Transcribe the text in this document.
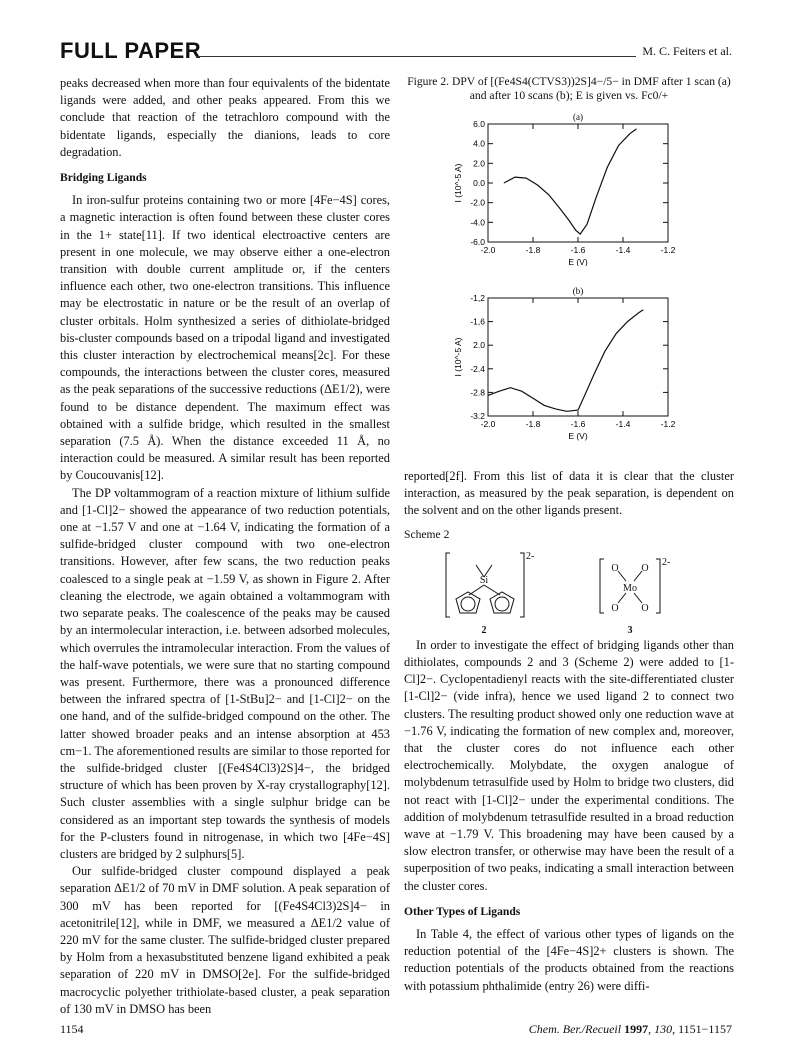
FULL PAPER	M. C. Feiters et al.

peaks decreased when more than four equivalents of the bidentate ligands were added, and other peaks appeared. From this we conclude that reaction of the tetrachloro compound with the bidentate ligands, especially the dianions, leads to core degradation.

Bridging Ligands

In iron-sulfur proteins containing two or more [4Fe−4S] cores, a magnetic interaction is often found between these cluster cores in the 1+ state[11]. If two identical electroactive centers are present in one molecule, we may observe either a one-electron transition with double current amplitude or, if the centers influence each other, two one-electron transitions. This influence may be electrostatic in nature or be the result of an overlap of cluster orbitals. Holm synthesized a series of dithiolate-bridged bis-cluster compounds based on a tripodal ligand and investigated this cluster interaction by electrochemical means[2c]. For these compounds, the interactions between the cluster cores, measured as the peak separations of the successive reductions (ΔE1/2), were found to be distance dependent. The maximum effect was obtained with a sulfide bridge, which resulted in the smallest separation (7.5 Å). When the distance exceeded 11 Å, no interaction could be measured. A similar result has been reported by Coucouvanis[12].

The DP voltammogram of a reaction mixture of lithium sulfide and [1-Cl]2− showed the appearance of two reduction potentials, one at −1.57 V and one at −1.64 V, indicating the formation of a sulfide-bridged cluster compound with two one-electron transitions. However, after few scans, the two reduction peaks coalesced to a single peak at −1.59 V, as shown in Figure 2. After cleaning the electrode, we again obtained a voltammogram with two separate peaks. The coalescence of the peaks may be caused by an intermolecular interaction, i.e. between adsorbed molecules, which overrules the intramolecular interaction. From the values of the half-wave potentials, we were sure that no starting compound was present. Furthermore, there was a pronounced difference between the infrared spectra of [1-StBu]2− and [1-Cl]2− on the one hand, and of the sulfide-bridged compound on the other. The latter showed broader peaks and an intense absorption at 453 cm−1. The aforementioned results are similar to those reported for the sulfide-bridged cluster [(Fe4S4Cl3)2S]4−, the bridged structure of which has been proven by X-ray crystallography[12]. Such cluster assemblies with a single sulphur bridge can be considered as an important step towards the synthesis of models for the P-clusters found in nitrogenase, in which two [4Fe−4S] clusters are bridged by 2 sulphurs[5].

Our sulfide-bridged cluster compound displayed a peak separation ΔE1/2 of 70 mV in DMF solution. A peak separation of 300 mV has been reported for [(Fe4S4Cl3)2S]4− in acetonitrile[12], while in DMF, we measured a ΔE1/2 value of 220 mV for the same cluster. The sulfide-bridged cluster prepared by Holm from a hexasubstituted benzene ligand exhibited a peak separation of 220 mV in DMSO[2e]. For the sulfide-bridged macrocyclic polyether trithiolate-based cluster, a peak separation of 130 mV in DMSO has been

Figure 2. DPV of [(Fe4S4(CTVS3))2S]4−/5− in DMF after 1 scan (a) and after 10 scans (b); E is given vs. Fc0/+
(a)
-2.0	-1.8	-1.6	-1.4	-1.2
6.0
4.0
2.0
0.0
-2.0
-4.0
-6.0
E (V)
I (10^-5 A)
(b)
-2.0	-1.8	-1.6	-1.4	-1.2
-1,2
-1,6
2.0
-2.4
-2.8
-3.2
E (V)
I (10^-5 A)

reported[2f]. From this list of data it is clear that the cluster interaction, as measured by the peak separation, is dependent on the solvent and on the other ligands present.

Scheme 2
Si
2-
Mo
O O
O O
2-
2	3

In order to investigate the effect of bridging ligands other than dithiolates, compounds 2 and 3 (Scheme 2) were added to [1-Cl]2−. Cyclopentadienyl reacts with the site-differentiated cluster [1-Cl]2− (vide infra), hence we used ligand 2 to connect two clusters. The resulting product showed only one reduction wave at −1.76 V, indicating the formation of new complex and, moreover, that the cluster cores do not influence each other electrochemically. Molybdate, the oxygen analogue of molybdenum tetrasulfide used by Holm to bridge two clusters, did not react with [1-Cl]2− under the experimental conditions. The addition of molybdenum tetrasulfide resulted in a broad reduction wave at −1.79 V. This broadening may have been caused by a slow electron transfer, or otherwise may have been the result of a superposition of two peaks, indicating a small interaction between the cluster cores.

Other Types of Ligands

In Table 4, the effect of various other types of ligands on the reduction potential of the [4Fe−4S]2+ clusters is shown. The reduction potentials of the products obtained from the reactions with potassium phthalimide (entry 26) were diffi-

1154	Chem. Ber./Recueil 1997, 130, 1151−1157
